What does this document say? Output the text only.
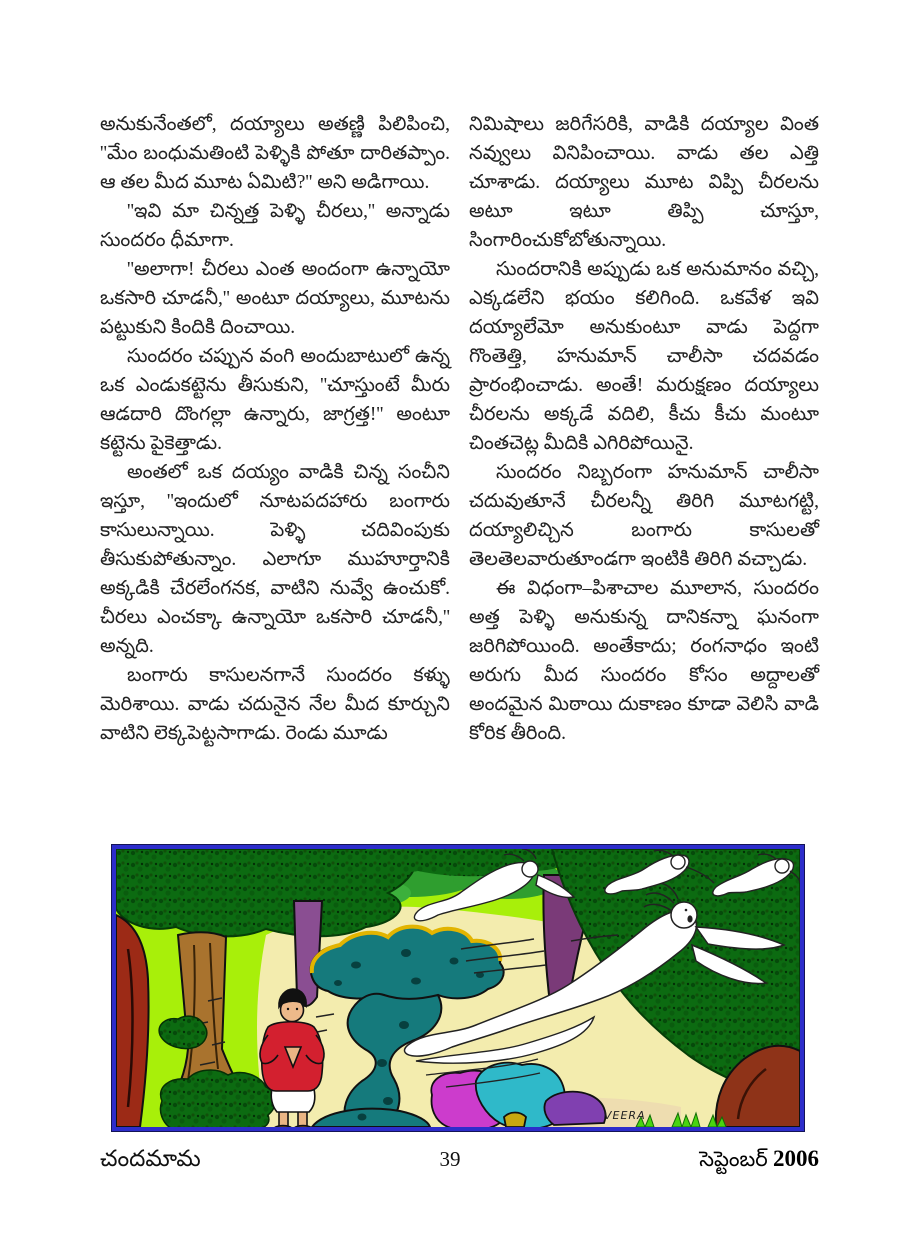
అనుకునేంతలో, దయ్యాలు అతణ్ణి పిలిపించి, ''మేం బంధుమతింటి పెళ్ళికి పోతూ దారితప్పాం. ఆ తల మీద మూట ఏమిటి?'' అని అడిగాయి.

''ఇవి మా చిన్నత్త పెళ్ళి చీరలు,'' అన్నాడు సుందరం ధీమాగా.

''అలాగా! చీరలు ఎంత అందంగా ఉన్నాయో ఒకసారి చూడనీ,'' అంటూ దయ్యాలు, మూటను పట్టుకుని కిందికి దించాయి.

సుందరం చప్పున వంగి అందుబాటులో ఉన్న ఒక ఎండుకట్టెను తీసుకుని, ''చూస్తుంటే మీరు ఆడదారి దొంగల్లా ఉన్నారు, జాగ్రత్త!'' అంటూ కట్టెను పైకెత్తాడు.

అంతలో ఒక దయ్యం వాడికి చిన్న సంచీని ఇస్తూ, ''ఇందులో నూటపదహారు బంగారు కాసులున్నాయి. పెళ్ళి చదివింపుకు తీసుకుపోతున్నాం. ఎలాగూ ముహూర్తానికి అక్కడికి చేరలేంగనక, వాటిని నువ్వే ఉంచుకో. చీరలు ఎంచక్కా ఉన్నాయో ఒకసారి చూడనీ,'' అన్నది.

బంగారు కాసులనగానే సుందరం కళ్ళు మెరిశాయి. వాడు చదునైన నేల మీద కూర్చుని వాటిని లెక్కపెట్టసాగాడు. రెండు మూడు

నిమిషాలు జరిగేసరికి, వాడికి దయ్యాల వింత నవ్వులు వినిపించాయి. వాడు తల ఎత్తి చూశాడు. దయ్యాలు మూట విప్పి చీరలను అటూ ఇటూ తిప్పి చూస్తూ, సింగారించుకోబోతున్నాయి.

సుందరానికి అప్పుడు ఒక అనుమానం వచ్చి, ఎక్కడలేని భయం కలిగింది. ఒకవేళ ఇవి దయ్యాలేమో అనుకుంటూ వాడు పెద్దగా గొంతెత్తి, హనుమాన్ చాలీసా చదవడం ప్రారంభించాడు. అంతే! మరుక్షణం దయ్యాలు చీరలను అక్కడే వదిలి, కీచు కీచు మంటూ చింతచెట్ల మీదికి ఎగిరిపోయినై.

సుందరం నిబ్బరంగా హనుమాన్ చాలీసా చదువుతూనే చీరలన్నీ తిరిగి మూటగట్టి, దయ్యాలిచ్చిన బంగారు కాసులతో తెలతెలవారుతూండగా ఇంటికి తిరిగి వచ్చాడు.

ఈ విధంగా–పిశాచాల మూలాన, సుందరం అత్త పెళ్ళి అనుకున్న దానికన్నా ఘనంగా జరిగిపోయింది. అంతేకాదు; రంగనాధం ఇంటి అరుగు మీద సుందరం కోసం అద్దాలతో అందమైన మిఠాయి దుకాణం కూడా వెలిసి వాడి కోరిక తీరింది.

VEERA
చందమామ	39	సెప్టెంబర్ 2006
